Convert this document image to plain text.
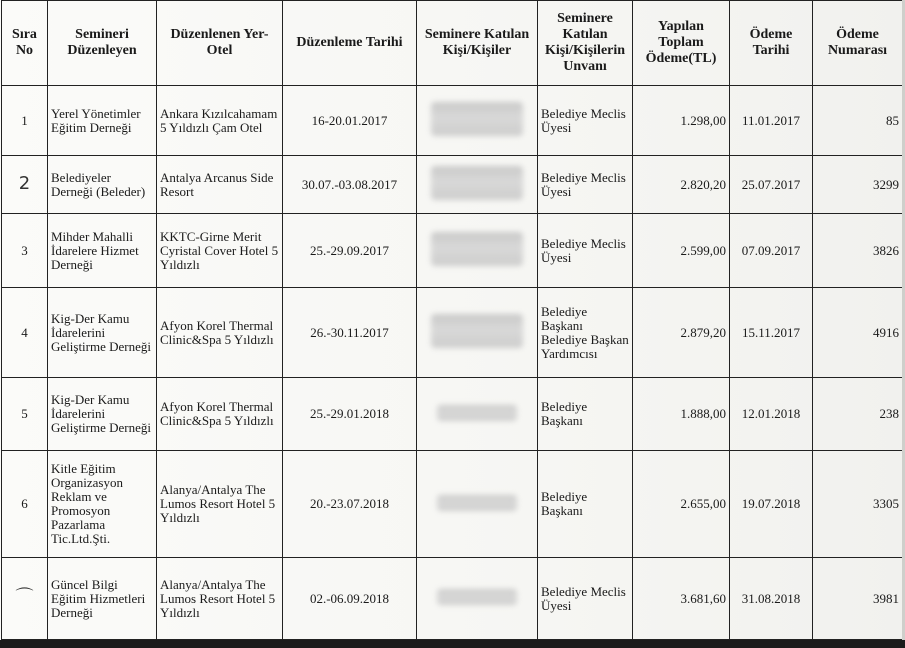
Sıra No	Semineri Düzenleyen	Düzenlenen Yer-Otel	Düzenleme Tarihi	Seminere Katılan Kişi/Kişiler	Seminere Katılan Kişi/Kişilerin Unvanı	Yapılan Toplam Ödeme(TL)	Ödeme Tarihi	Ödeme Numarası
1	Yerel Yönetimler Eğitim Derneği	Ankara Kızılcahamam 5 Yıldızlı Çam Otel	16-20.01.2017		Belediye Meclis Üyesi	1.298,00	11.01.2017	85
2	Belediyeler Derneği (Beleder)	Antalya Arcanus Side Resort	30.07.-03.08.2017		Belediye Meclis Üyesi	2.820,20	25.07.2017	3299
3	Mihder Mahalli İdarelere Hizmet Derneği	KKTC-Girne Merit Cyristal Cover Hotel 5 Yıldızlı	25.-29.09.2017		Belediye Meclis Üyesi	2.599,00	07.09.2017	3826
4	Kig-Der Kamu İdarelerini Geliştirme Derneği	Afyon Korel Thermal Clinic&Spa 5 Yıldızlı	26.-30.11.2017		Belediye Başkanı Belediye Başkan Yardımcısı	2.879,20	15.11.2017	4916
5	Kig-Der Kamu İdarelerini Geliştirme Derneği	Afyon Korel Thermal Clinic&Spa 5 Yıldızlı	25.-29.01.2018		Belediye Başkanı	1.888,00	12.01.2018	238
6	Kitle Eğitim Organizasyon Reklam ve Promosyon Pazarlama Tic.Ltd.Şti.	Alanya/Antalya The Lumos Resort Hotel 5 Yıldızlı	20.-23.07.2018		Belediye Başkanı	2.655,00	19.07.2018	3305
⌒	Güncel Bilgi Eğitim Hizmetleri Derneği	Alanya/Antalya The Lumos Resort Hotel 5 Yıldızlı	02.-06.09.2018		Belediye Meclis Üyesi	3.681,60	31.08.2018	3981
